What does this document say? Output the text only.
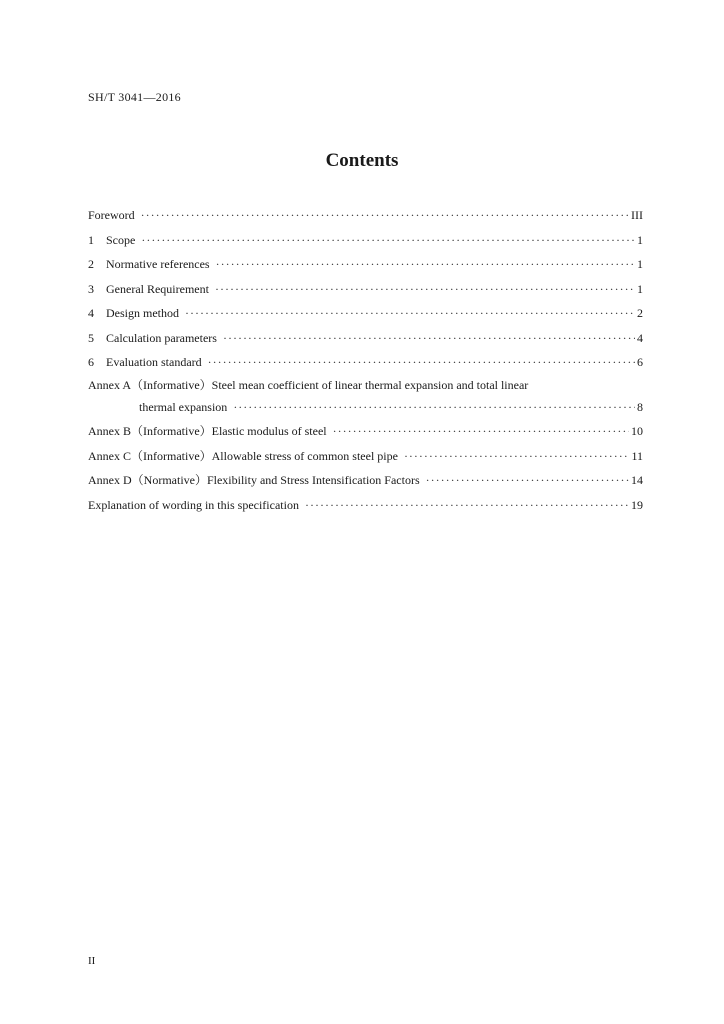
SH/T 3041—2016
Contents
Foreword ·····	III
1	Scope ·····	1
2	Normative references ·····	1
3	General Requirement ·····	1
4	Design method ·····	2
5	Calculation parameters ·····	4
6	Evaluation standard ·····	6
Annex A（Informative）Steel mean coefficient of linear thermal expansion and total linear
thermal expansion ·····	8
Annex B（Informative）Elastic modulus of steel ·····	10
Annex C（Informative）Allowable stress of common steel pipe ·····	11
Annex D（Normative）Flexibility and Stress Intensification Factors ·····	14
Explanation of wording in this specification ·····	19
II
